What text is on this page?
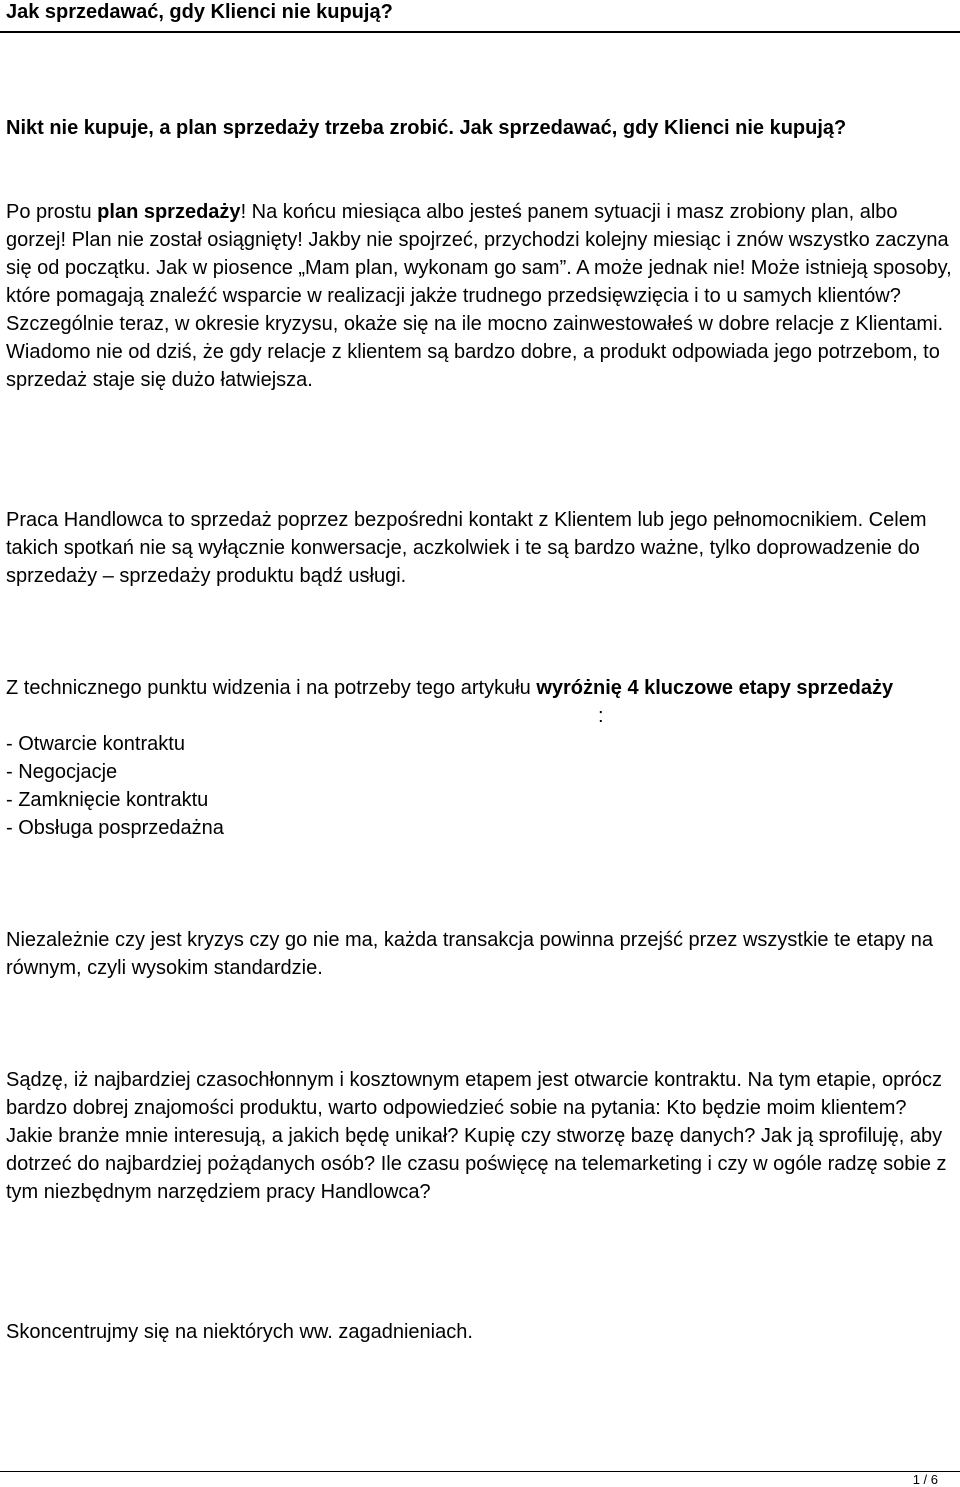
Jak sprzedawać, gdy Klienci nie kupują?

Nikt nie kupuje, a plan sprzedaży trzeba zrobić. Jak sprzedawać, gdy Klienci nie kupują?

Po prostu plan sprzedaży! Na końcu miesiąca albo jesteś panem sytuacji i masz zrobiony plan, albo gorzej! Plan nie został osiągnięty! Jakby nie spojrzeć, przychodzi kolejny miesiąc i znów wszystko zaczyna się od początku. Jak w piosence „Mam plan, wykonam go sam”. A może jednak nie! Może istnieją sposoby, które pomagają znaleźć wsparcie w realizacji jakże trudnego przedsięwzięcia i to u samych klientów? Szczególnie teraz, w okresie kryzysu, okaże się na ile mocno zainwestowałeś w dobre relacje z Klientami. Wiadomo nie od dziś, że gdy relacje z klientem są bardzo dobre, a produkt odpowiada jego potrzebom, to sprzedaż staje się dużo łatwiejsza.

Praca Handlowca to sprzedaż poprzez bezpośredni kontakt z Klientem lub jego pełnomocnikiem. Celem takich spotkań nie są wyłącznie konwersacje, aczkolwiek i te są bardzo ważne, tylko doprowadzenie do sprzedaży – sprzedaży produktu bądź usługi.

Z technicznego punktu widzenia i na potrzeby tego artykułu wyróżnię 4 kluczowe etapy sprzedaży:
- Otwarcie kontraktu
- Negocjacje
- Zamknięcie kontraktu
- Obsługa posprzedażna

Niezależnie czy jest kryzys czy go nie ma, każda transakcja powinna przejść przez wszystkie te etapy na równym, czyli wysokim standardzie.

Sądzę, iż najbardziej czasochłonnym i kosztownym etapem jest otwarcie kontraktu. Na tym etapie, oprócz bardzo dobrej znajomości produktu, warto odpowiedzieć sobie na pytania: Kto będzie moim klientem? Jakie branże mnie interesują, a jakich będę unikał? Kupię czy stworzę bazę danych? Jak ją sprofiluję, aby dotrzeć do najbardziej pożądanych osób? Ile czasu poświęcę na telemarketing i czy w ogóle radzę sobie z tym niezbędnym narzędziem pracy Handlowca?

Skoncentrujmy się na niektórych ww. zagadnieniach.

1 / 6
